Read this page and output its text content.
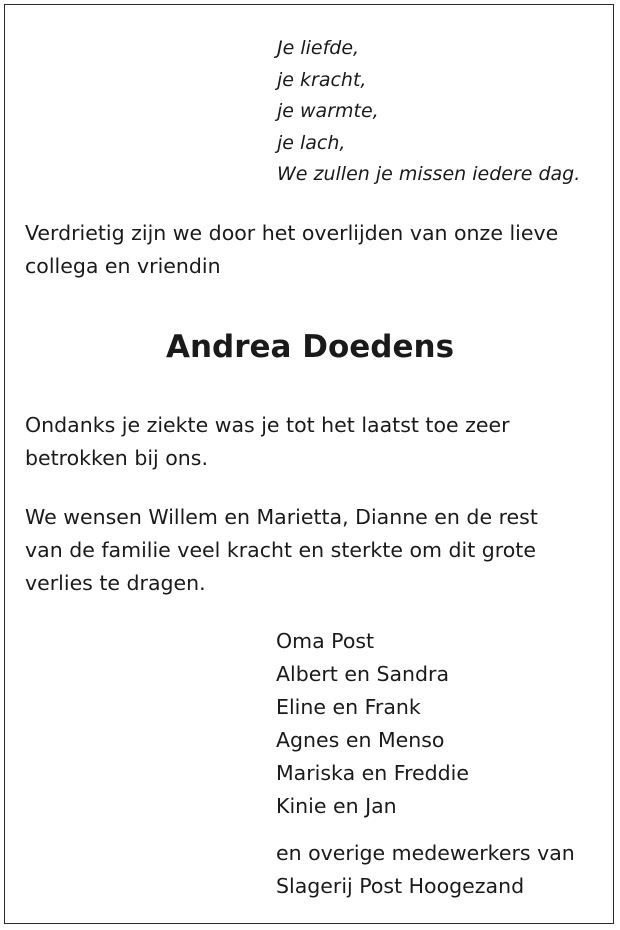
Je liefde,
je kracht,
je warmte,
je lach,
We zullen je missen iedere dag.
Verdrietig zijn we door het overlijden van onze lieve
collega en vriendin
Andrea Doedens
Ondanks je ziekte was je tot het laatst toe zeer
betrokken bij ons.
We wensen Willem en Marietta, Dianne en de rest
van de familie veel kracht en sterkte om dit grote
verlies te dragen.
Oma Post
Albert en Sandra
Eline en Frank
Agnes en Menso
Mariska en Freddie
Kinie en Jan
en overige medewerkers van
Slagerij Post Hoogezand
